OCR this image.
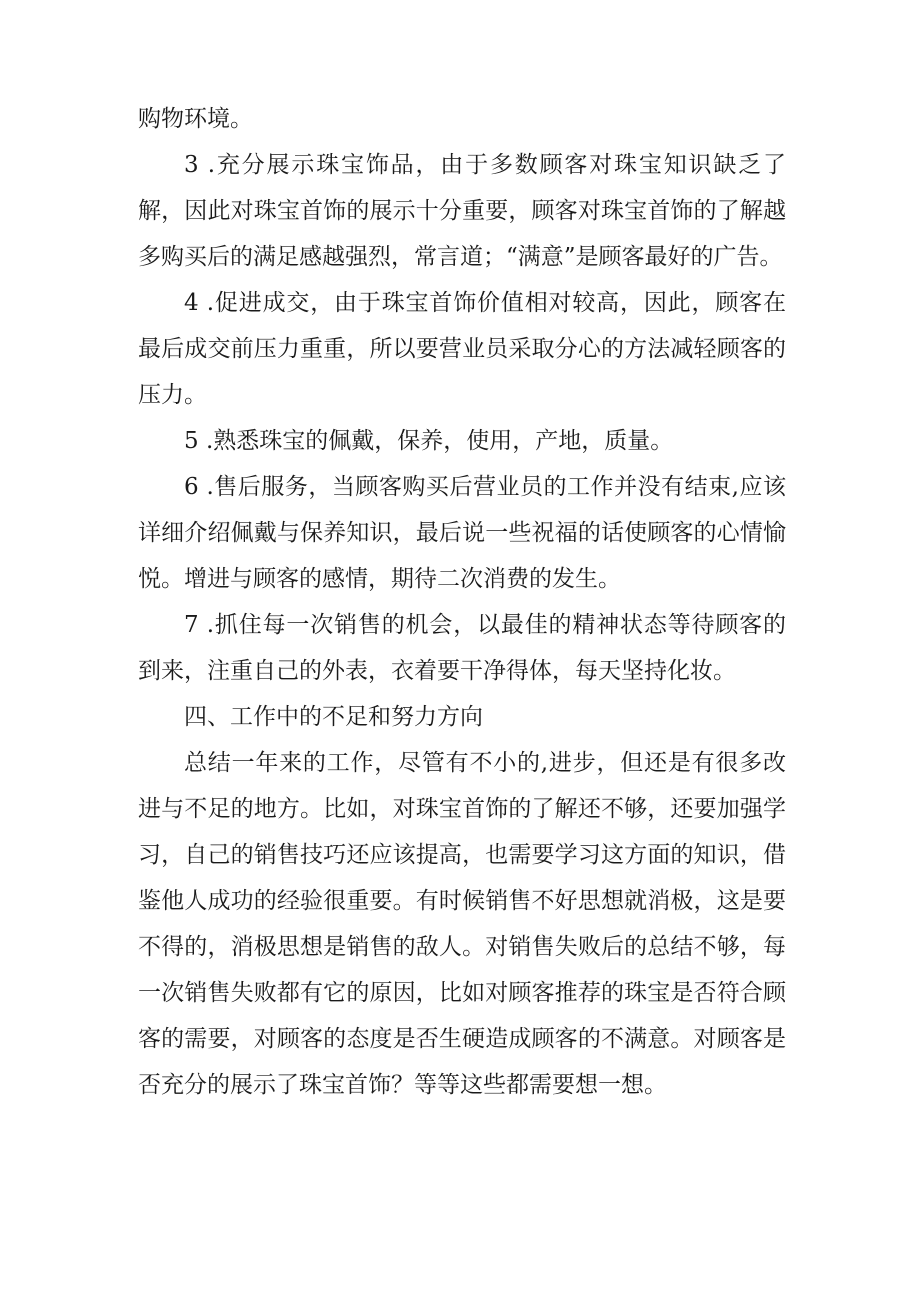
购物环境。

3 .充分展示珠宝饰品，由于多数顾客对珠宝知识缺乏了解，因此对珠宝首饰的展示十分重要，顾客对珠宝首饰的了解越多购买后的满足感越强烈，常言道；“满意”是顾客最好的广告。

4 .促进成交，由于珠宝首饰价值相对较高，因此，顾客在最后成交前压力重重，所以要营业员采取分心的方法减轻顾客的压力。

5 .熟悉珠宝的佩戴，保养，使用，产地，质量。

6 .售后服务，当顾客购买后营业员的工作并没有结束,应该详细介绍佩戴与保养知识，最后说一些祝福的话使顾客的心情愉悦。增进与顾客的感情，期待二次消费的发生。

7 .抓住每一次销售的机会，以最佳的精神状态等待顾客的到来，注重自己的外表，衣着要干净得体，每天坚持化妆。

四、工作中的不足和努力方向

总结一年来的工作，尽管有不小的,进步，但还是有很多改进与不足的地方。比如，对珠宝首饰的了解还不够，还要加强学习，自己的销售技巧还应该提高，也需要学习这方面的知识，借鉴他人成功的经验很重要。有时候销售不好思想就消极，这是要不得的，消极思想是销售的敌人。对销售失败后的总结不够，每一次销售失败都有它的原因，比如对顾客推荐的珠宝是否符合顾客的需要，对顾客的态度是否生硬造成顾客的不满意。对顾客是否充分的展示了珠宝首饰？等等这些都需要想一想。
